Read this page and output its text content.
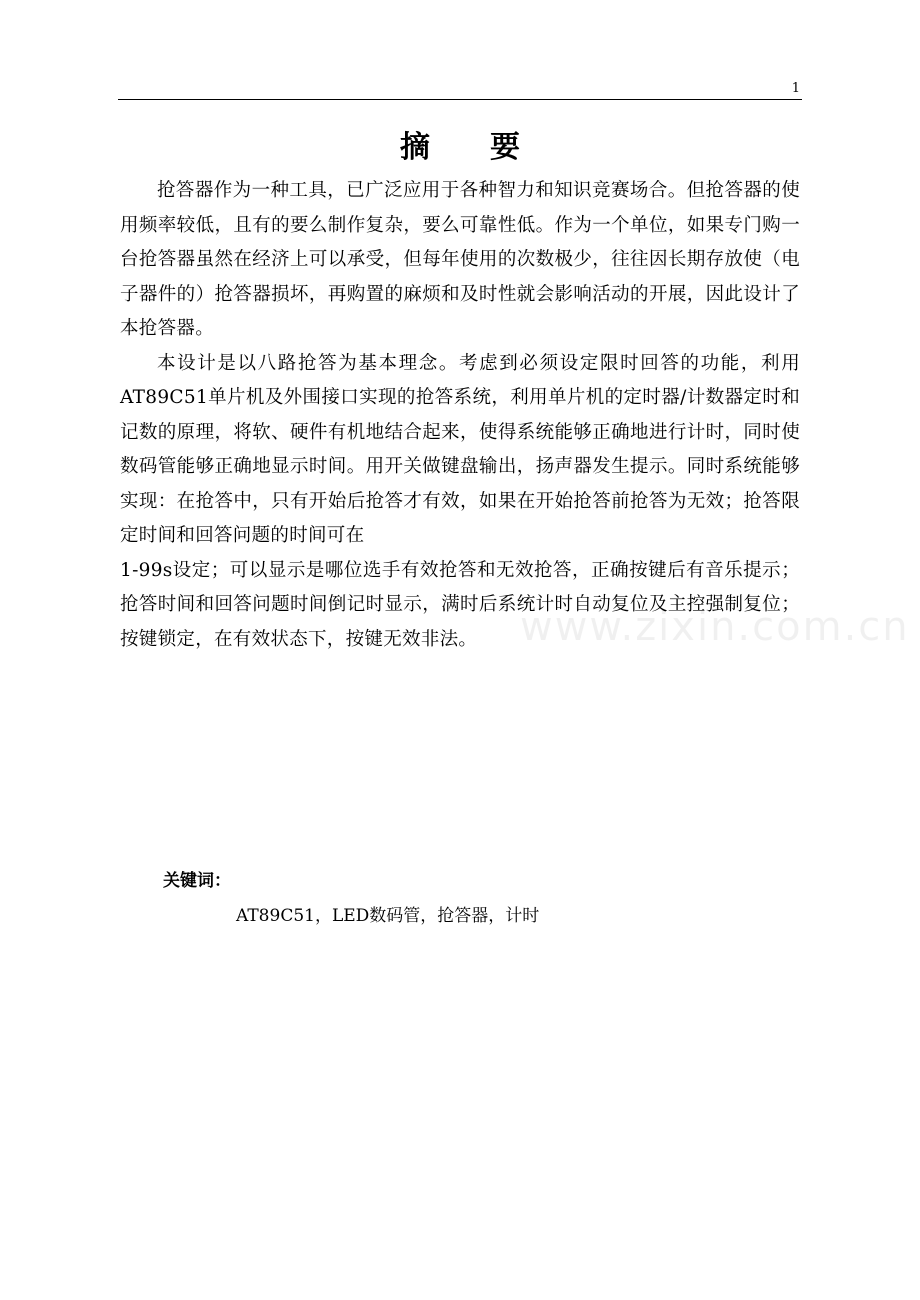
1
摘 要

抢答器作为一种工具，已广泛应用于各种智力和知识竞赛场合。但抢答器的使用频率较低，且有的要么制作复杂，要么可靠性低。作为一个单位，如果专门购一台抢答器虽然在经济上可以承受，但每年使用的次数极少，往往因长期存放使（电子器件的）抢答器损坏，再购置的麻烦和及时性就会影响活动的开展，因此设计了本抢答器。

本设计是以八路抢答为基本理念。考虑到必须设定限时回答的功能，利用AT89C51单片机及外围接口实现的抢答系统，利用单片机的定时器/计数器定时和记数的原理，将软、硬件有机地结合起来，使得系统能够正确地进行计时，同时使数码管能够正确地显示时间。用开关做键盘输出，扬声器发生提示。同时系统能够实现：在抢答中，只有开始后抢答才有效，如果在开始抢答前抢答为无效；抢答限定时间和回答问题的时间可在
1-99s设定；可以显示是哪位选手有效抢答和无效抢答，正确按键后有音乐提示；抢答时间和回答问题时间倒记时显示，满时后系统计时自动复位及主控强制复位；按键锁定，在有效状态下，按键无效非法。	www.zixin.com.cn
关键词：
AT89C51，LED数码管，抢答器，计时
